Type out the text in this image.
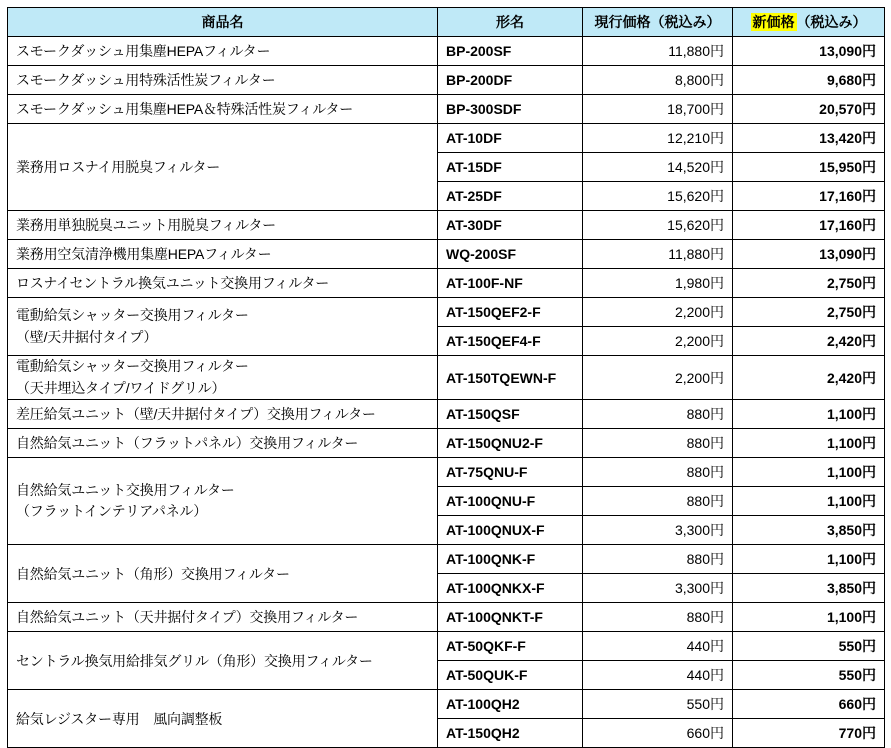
商品名	形名	現行価格（税込み）	新価格 （税込み）
スモークダッシュ用集塵HEPAフィルター	BP-200SF	11,880円	13,090円
スモークダッシュ用特殊活性炭フィルター	BP-200DF	8,800円	9,680円
スモークダッシュ用集塵HEPA＆特殊活性炭フィルター	BP-300SDF	18,700円	20,570円
業務用ロスナイ用脱臭フィルター	AT-10DF	12,210円	13,420円
	AT-15DF	14,520円	15,950円
	AT-25DF	15,620円	17,160円
業務用単独脱臭ユニット用脱臭フィルター	AT-30DF	15,620円	17,160円
業務用空気清浄機用集塵HEPAフィルター	WQ-200SF	11,880円	13,090円
ロスナイセントラル換気ユニット交換用フィルター	AT-100F-NF	1,980円	2,750円

電動給気シャッター交換用フィルター
（壁/天井据付タイプ）	AT-150QEF2-F	2,200円	2,750円
	AT-150QEF4-F	2,200円	2,420円

電動給気シャッター交換用フィルター
（天井埋込タイプ/ワイドグリル）	AT-150TQEWN-F	2,200円	2,420円
差圧給気ユニット（壁/天井据付タイプ）交換用フィルター	AT-150QSF	880円	1,100円
自然給気ユニット（フラットパネル）交換用フィルター	AT-150QNU2-F	880円	1,100円

自然給気ユニット交換用フィルター
（フラットインテリアパネル）	AT-75QNU-F	880円	1,100円
	AT-100QNU-F	880円	1,100円
	AT-100QNUX-F	3,300円	3,850円
自然給気ユニット（角形）交換用フィルター	AT-100QNK-F	880円	1,100円
	AT-100QNKX-F	3,300円	3,850円
自然給気ユニット（天井据付タイプ）交換用フィルター	AT-100QNKT-F	880円	1,100円
セントラル換気用給排気グリル（角形）交換用フィルター	AT-50QKF-F	440円	550円
	AT-50QUK-F	440円	550円
給気レジスター専用　風向調整板	AT-100QH2	550円	660円
	AT-150QH2	660円	770円
